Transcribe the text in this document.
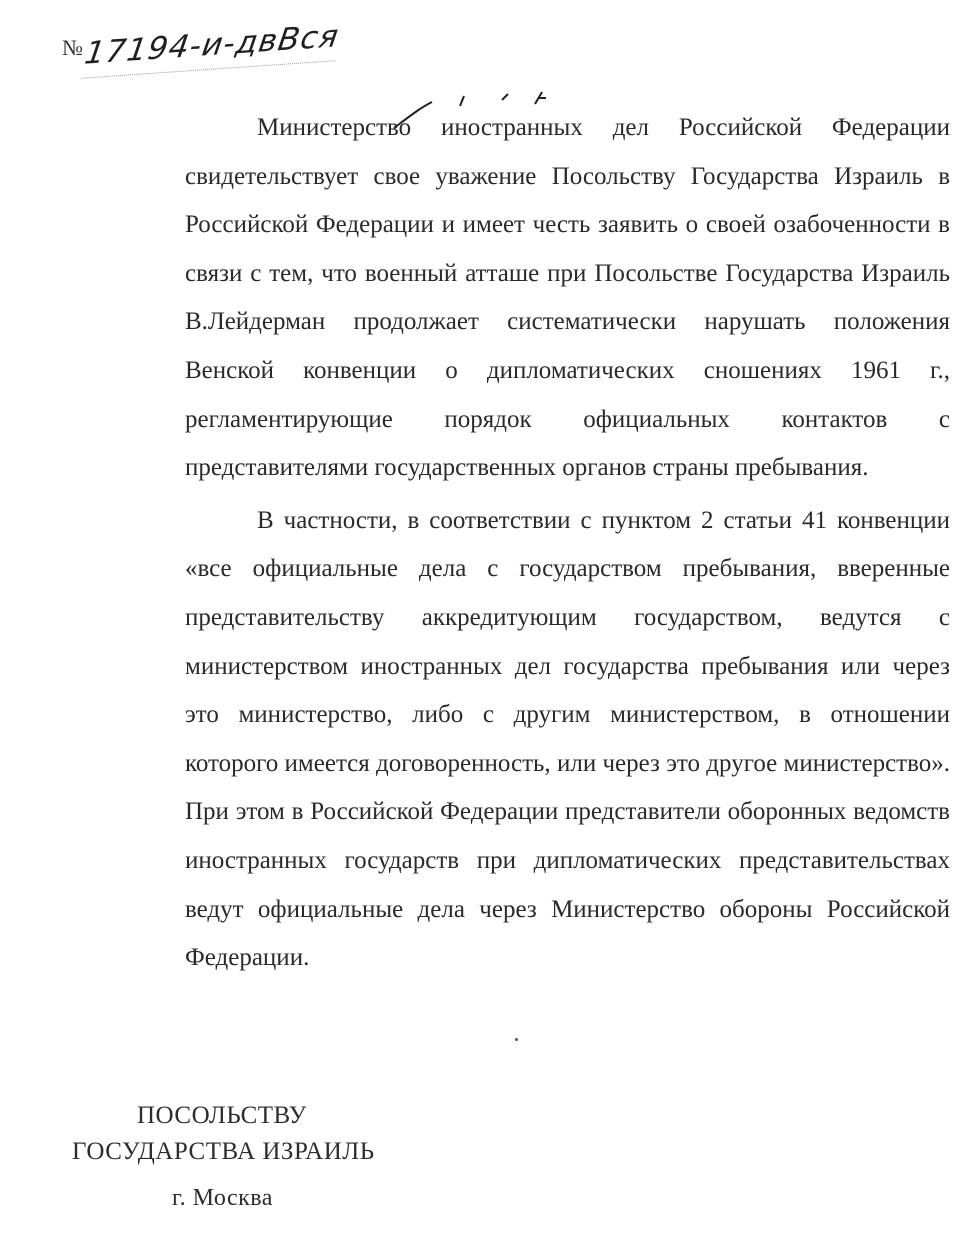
№ 17194-и-двВся

Министерство иностранных дел Российской Федерации свидетельствует свое уважение Посольству Государства Израиль в Российской Федерации и имеет честь заявить о своей озабоченности в связи с тем, что военный атташе при Посольстве Государства Израиль В.Лейдерман продолжает систематически нарушать положения Венской конвенции о дипломатических сношениях 1961 г., регламентирующие порядок официальных контактов с представителями государственных органов страны пребывания.

В частности, в соответствии с пунктом 2 статьи 41 конвенции «все официальные дела с государством пребывания, вверенные представительству аккредитующим государством, ведутся с министерством иностранных дел государства пребывания или через это министерство, либо с другим министерством, в отношении которого имеется договоренность, или через это другое министерство». При этом в Российской Федерации представители оборонных ведомств иностранных государств при дипломатических представительствах ведут официальные дела через Министерство обороны Российской Федерации.

ПОСОЛЬСТВУ
ГОСУДАРСТВА ИЗРАИЛЬ
г. Москва
